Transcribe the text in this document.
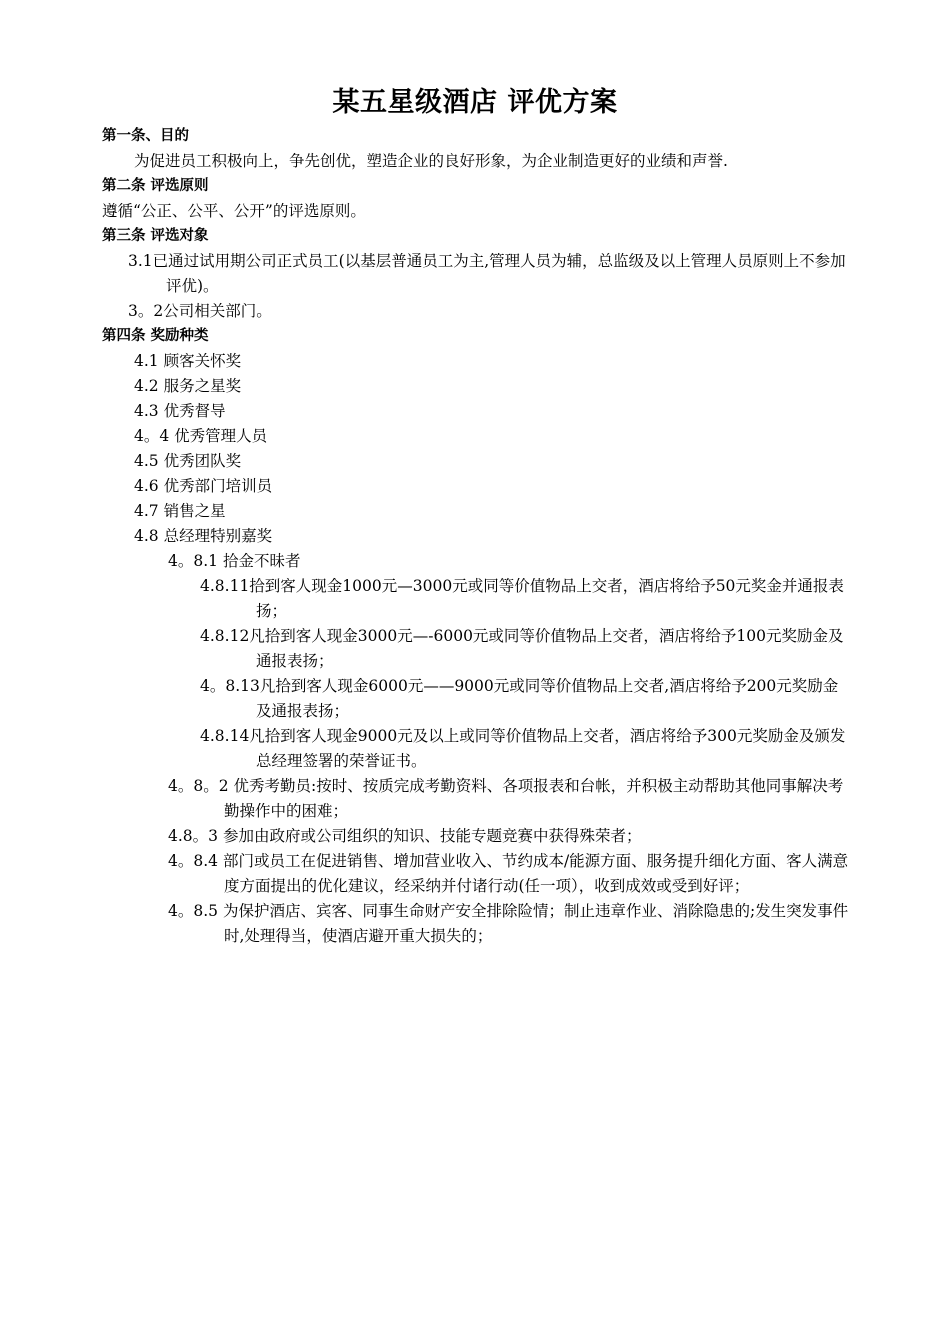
某五星级酒店 评优方案
第一条、目的
为促进员工积极向上，争先创优，塑造企业的良好形象，为企业制造更好的业绩和声誉.
第二条 评选原则
遵循“公正、公平、公开”的评选原则。
第三条 评选对象
3.1已通过试用期公司正式员工(以基层普通员工为主,管理人员为辅，总监级及以上管理人员原则上不参加评优)。
3。2公司相关部门。
第四条 奖励种类
4.1 顾客关怀奖
4.2 服务之星奖
4.3 优秀督导
4。4 优秀管理人员
4.5 优秀团队奖
4.6 优秀部门培训员
4.7 销售之星
4.8 总经理特别嘉奖
4。8.1 拾金不昧者
4.8.11拾到客人现金1000元—3000元或同等价值物品上交者，酒店将给予50元奖金并通报表扬；
4.8.12凡拾到客人现金3000元—-6000元或同等价值物品上交者，酒店将给予100元奖励金及通报表扬；
4。8.13凡拾到客人现金6000元——9000元或同等价值物品上交者,酒店将给予200元奖励金及通报表扬；
4.8.14凡拾到客人现金9000元及以上或同等价值物品上交者，酒店将给予300元奖励金及颁发总经理签署的荣誉证书。
4。8。2 优秀考勤员:按时、按质完成考勤资料、各项报表和台帐，并积极主动帮助其他同事解决考勤操作中的困难；
4.8。3 参加由政府或公司组织的知识、技能专题竞赛中获得殊荣者；
4。8.4 部门或员工在促进销售、增加营业收入、节约成本/能源方面、服务提升细化方面、客人满意度方面提出的优化建议，经采纳并付诸行动(任一项），收到成效或受到好评；
4。8.5 为保护酒店、宾客、同事生命财产安全排除险情；制止违章作业、消除隐患的;发生突发事件时,处理得当，使酒店避开重大损失的；
